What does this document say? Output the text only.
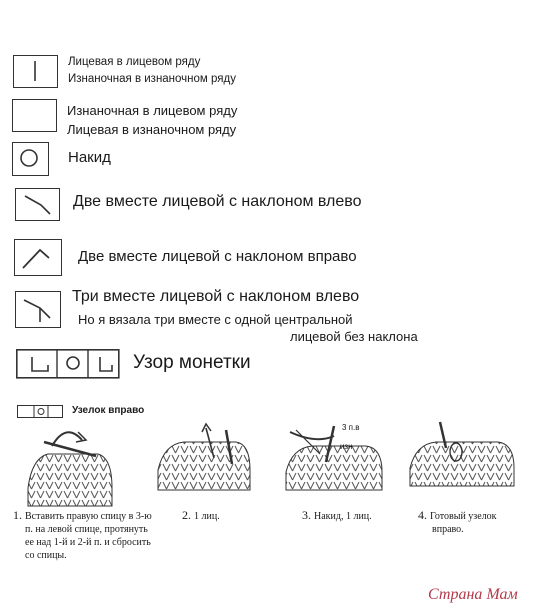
Лицевая в лицевом ряду
Изнаночная в изнаночном ряду
Изнаночная в лицевом ряду
Лицевая в изнаночном ряду
Накид
Две вместе лицевой с наклоном влево
Две вместе лицевой с наклоном вправо
Три вместе лицевой с наклоном влево
Но я вязала три вместе с одной центральной
лицевой без наклона
Узор монетки
Узелок вправо
3 п.в
изн
1. Вставить правую спицу в 3-ю
п. на левой спице, протянуть
ее над 1-й и 2-й п. и сбросить
со спицы.
2. 1 лиц.	3. Накид, 1 лиц.	4. Готовый узелок
вправо.
Страна Мам
